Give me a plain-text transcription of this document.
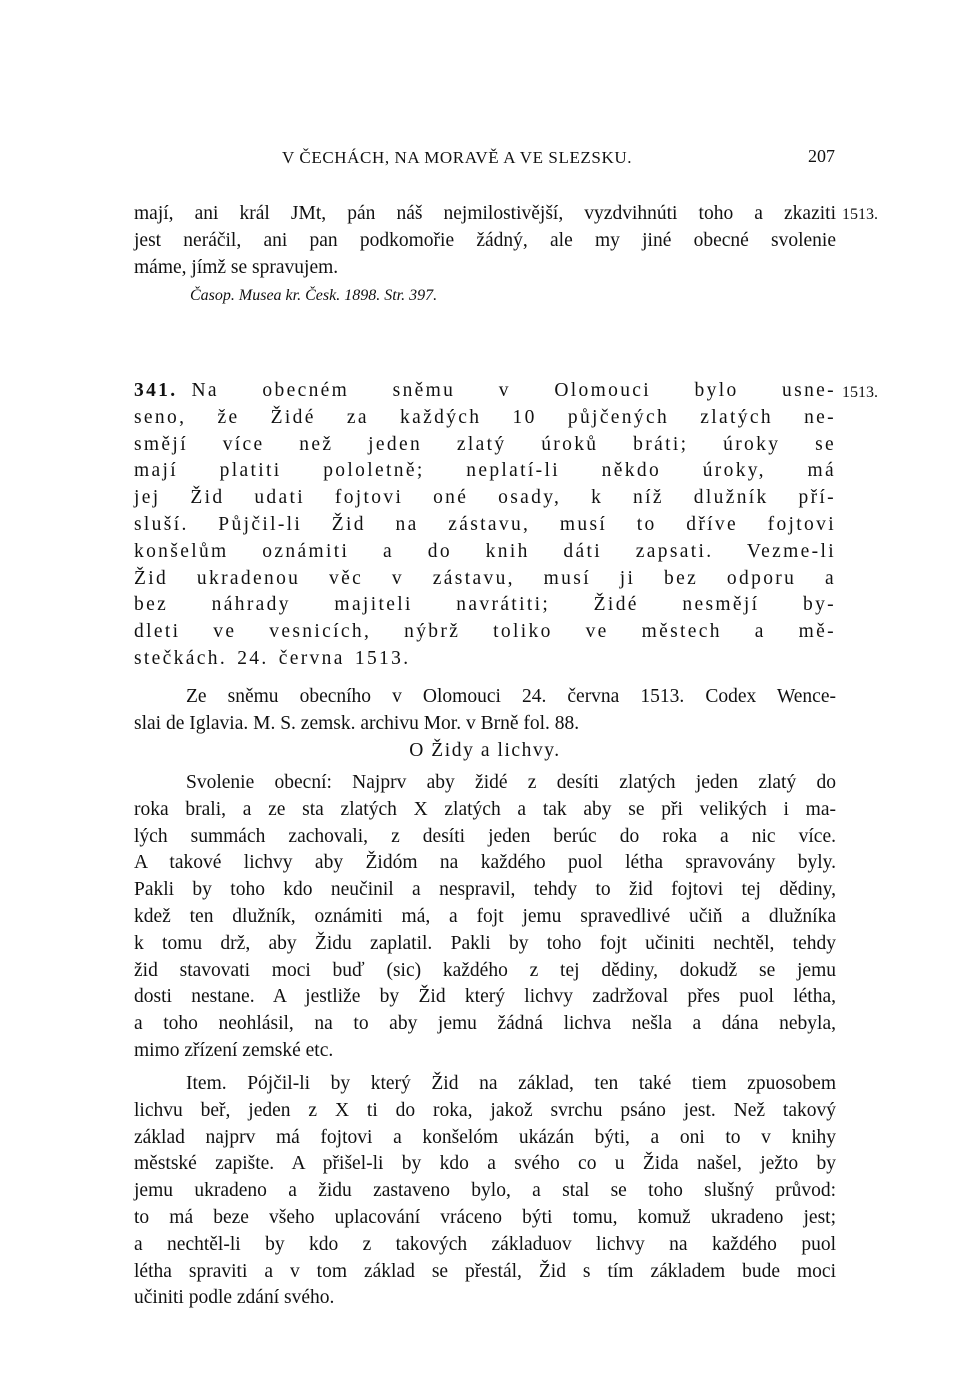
V ČECHÁCH, NA MORAVĚ A VE SLEZSKU.	207
mají, ani král JMt, pán náš nejmilostivější, vyzdvihnúti toho a zkaziti
jest neráčil, ani pan podkomořie žádný, ale my jiné obecné svolenie
máme, jímž se spravujem.
1513.
Časop. Musea kr. Česk. 1898. Str. 397.
341. Na obecném sněmu v Olomouci bylo usne-
seno, že Židé za každých 10 půjčených zlatých ne-
smějí více než jeden zlatý úroků bráti; úroky se
mají platiti pololetně; neplatí-li někdo úroky, má
jej Žid udati fojtovi oné osady, k níž dlužník pří-
sluší. Půjčil-li Žid na zástavu, musí to dříve fojtovi
konšelům oznámiti a do knih dáti zapsati. Vezme-li
Žid ukradenou věc v zástavu, musí ji bez odporu a
bez náhrady majiteli navrátiti; Židé nesmějí by-
dleti ve vesnicích, nýbrž toliko ve městech a mě-
stečkách. 24. června 1513.
1513.
Ze sněmu obecního v Olomouci 24. června 1513. Codex Wence-
slai de Iglavia. M. S. zemsk. archivu Mor. v Brně fol. 88.
O Židy a lichvy.
Svolenie obecní: Najprv aby židé z desíti zlatých jeden zlatý do
roka brali, a ze sta zlatých X zlatých a tak aby se při velikých i ma-
lých summách zachovali, z desíti jeden berúc do roka a nic více.
A takové lichvy aby Židóm na každého puol létha spravovány byly.
Pakli by toho kdo neučinil a nespravil, tehdy to žid fojtovi tej dědiny,
kdež ten dlužník, oznámiti má, a fojt jemu spravedlivé učiň a dlužníka
k tomu drž, aby Židu zaplatil. Pakli by toho fojt učiniti nechtěl, tehdy
žid stavovati moci buď (sic) každého z tej dědiny, dokudž se jemu
dosti nestane. A jestliže by Žid který lichvy zadržoval přes puol létha,
a toho neohlásil, na to aby jemu žádná lichva nešla a dána nebyla,
mimo zřízení zemské etc.
Item. Pójčil-li by který Žid na základ, ten také tiem zpuosobem
lichvu beř, jeden z X ti do roka, jakož svrchu psáno jest. Než takový
základ najprv má fojtovi a konšelóm ukázán býti, a oni to v knihy
městské zapište. A přišel-li by kdo a svého co u Žida našel, ježto by
jemu ukradeno a židu zastaveno bylo, a stal se toho slušný průvod:
to má beze všeho uplacování vráceno býti tomu, komuž ukradeno jest;
a nechtěl-li by kdo z takových základuov lichvy na každého puol
létha spraviti a v tom základ se přestál, Žid s tím základem bude moci
učiniti podle zdání svého.
